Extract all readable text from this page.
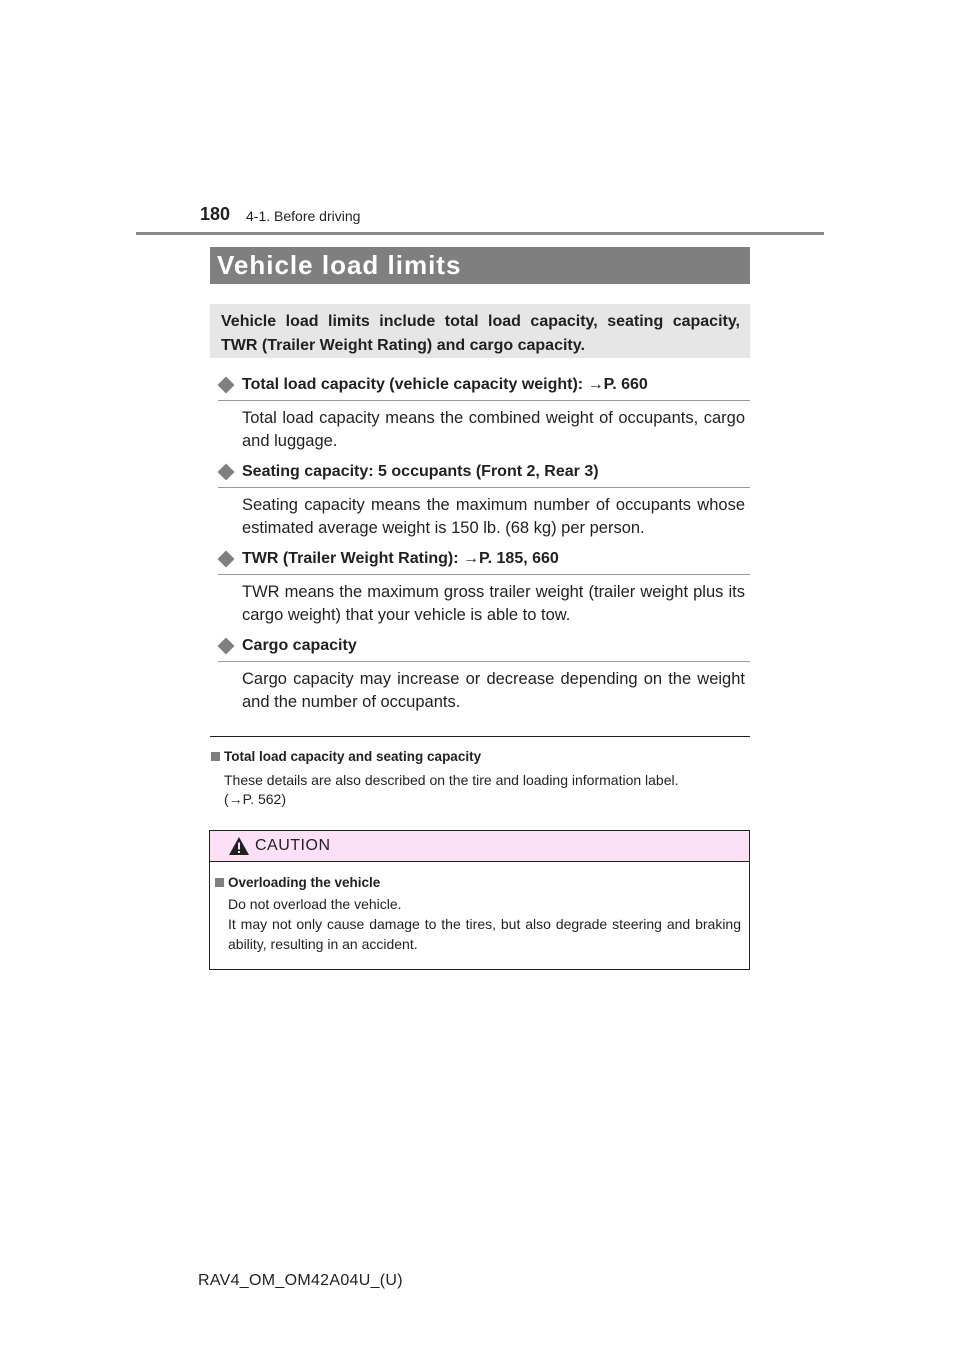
180 4-1. Before driving
Vehicle load limits

Vehicle load limits include total load capacity, seating capacity, TWR (Trailer Weight Rating) and cargo capacity.

Total load capacity (vehicle capacity weight): →P. 660
Total load capacity means the combined weight of occupants, cargo and luggage.
Seating capacity: 5 occupants (Front 2, Rear 3)
Seating capacity means the maximum number of occupants whose estimated average weight is 150 lb. (68 kg) per person.
TWR (Trailer Weight Rating): →P. 185, 660
TWR means the maximum gross trailer weight (trailer weight plus its cargo weight) that your vehicle is able to tow.
Cargo capacity
Cargo capacity may increase or decrease depending on the weight and the number of occupants.
Total load capacity and seating capacity

These details are also described on the tire and loading information label.

(→P. 562)

CAUTION
Overloading the vehicle

Do not overload the vehicle.

It may not only cause damage to the tires, but also degrade steering and braking ability, resulting in an accident.

RAV4_OM_OM42A04U_(U)
